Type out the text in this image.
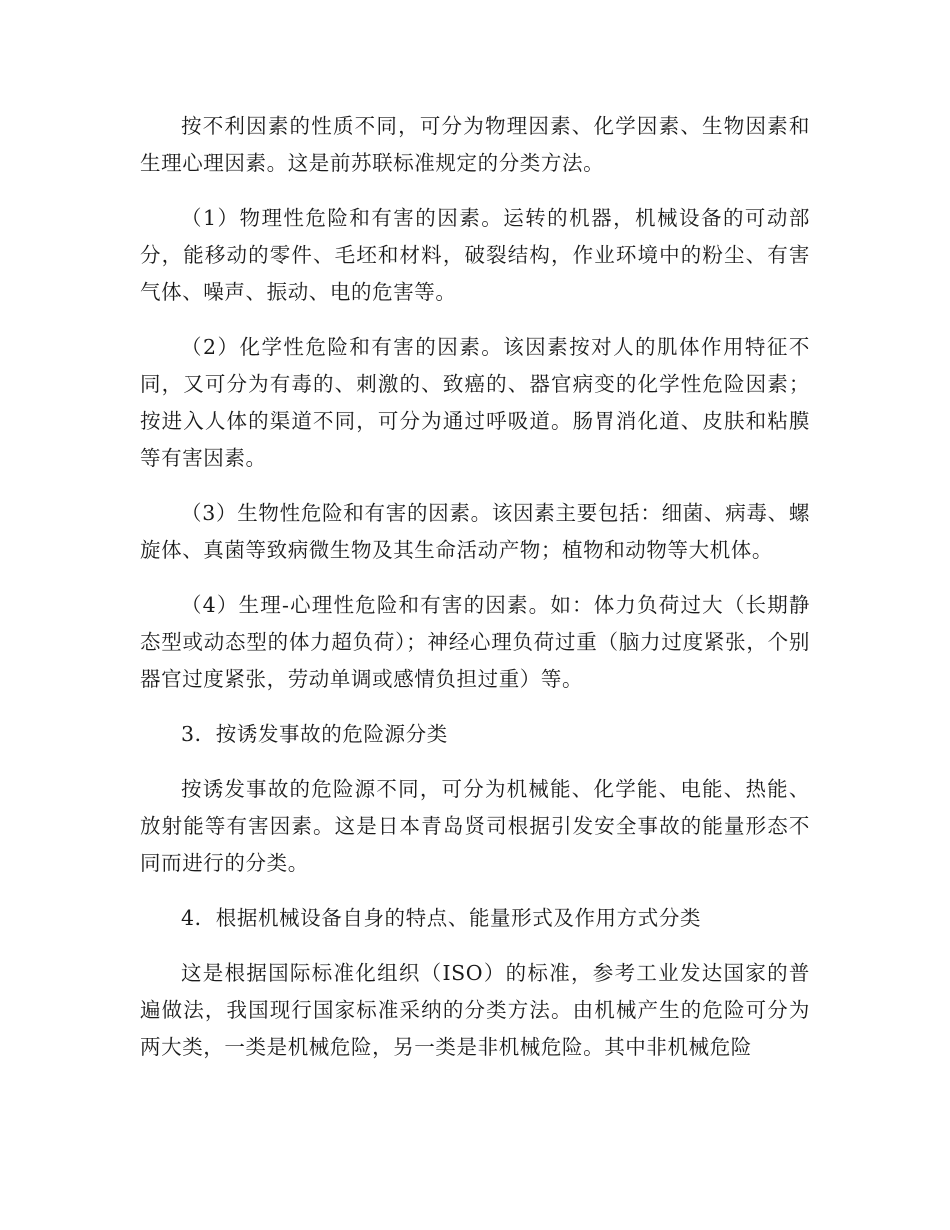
按不利因素的性质不同，可分为物理因素、化学因素、生物因素和生理心理因素。这是前苏联标准规定的分类方法。

（1）物理性危险和有害的因素。运转的机器，机械设备的可动部分，能移动的零件、毛坯和材料，破裂结构，作业环境中的粉尘、有害气体、噪声、振动、电的危害等。

（2）化学性危险和有害的因素。该因素按对人的肌体作用特征不同，又可分为有毒的、刺激的、致癌的、器官病变的化学性危险因素；按进入人体的渠道不同，可分为通过呼吸道。肠胃消化道、皮肤和粘膜等有害因素。

（3）生物性危险和有害的因素。该因素主要包括：细菌、病毒、螺旋体、真菌等致病微生物及其生命活动产物；植物和动物等大机体。

（4）生理-心理性危险和有害的因素。如：体力负荷过大（长期静态型或动态型的体力超负荷）；神经心理负荷过重（脑力过度紧张，个别器官过度紧张，劳动单调或感情负担过重）等。

3．按诱发事故的危险源分类

按诱发事故的危险源不同，可分为机械能、化学能、电能、热能、放射能等有害因素。这是日本青岛贤司根据引发安全事故的能量形态不同而进行的分类。

4．根据机械设备自身的特点、能量形式及作用方式分类

这是根据国际标准化组织（ISO）的标准，参考工业发达国家的普遍做法，我国现行国家标准采纳的分类方法。由机械产生的危险可分为两大类，一类是机械危险，另一类是非机械危险。其中非机械危险
